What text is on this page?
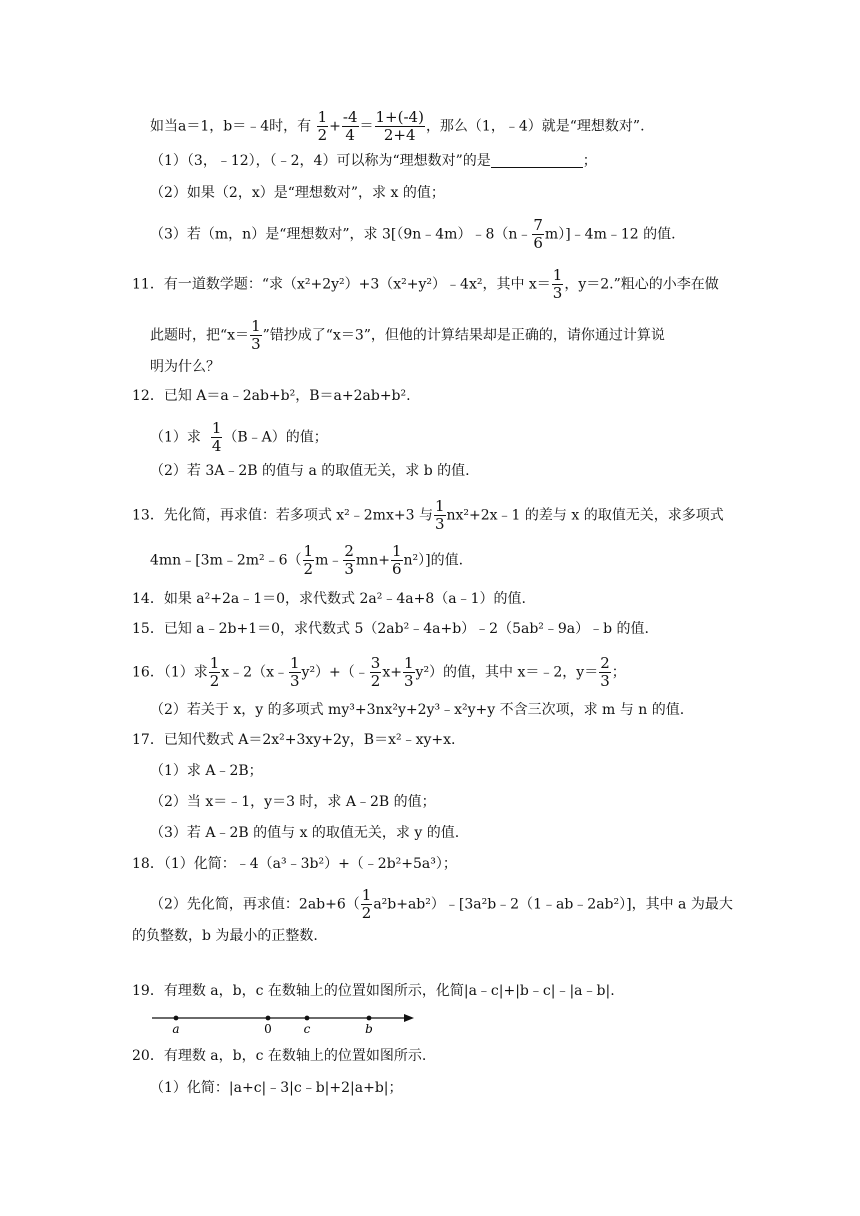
如当a＝1，b＝﹣4时，有 $\frac{1}{2} + \frac{-4}{4} = \frac{1+(-4)}{2+4}$ ，那么（1，﹣4）就是“理想数对”.
（1）（3，﹣12），（﹣2，4）可以称为“理想数对”的是	；
（2）如果（2，x）是“理想数对”，求 x 的值；
（3）若（m，n）是“理想数对”，求 3[（9n﹣4m）﹣8（n﹣ $\frac{7}{6}$ m）]﹣4m﹣12 的值.
11．有一道数学题：“求（x²+2y²）+3（x²+y²）﹣4x²，其中 $x= \frac{1}{3}$ ，y＝2.”粗心的小李在做
此题时，把“$x= \frac{1}{3}$ ”错抄成了“x＝3”，但他的计算结果却是正确的，请你通过计算说
明为什么？
12．已知 A＝a﹣2ab+b²，B＝a+2ab+b².
（1）求 $\frac{1}{4}$ （B﹣A）的值；
（2）若 3A﹣2B 的值与 a 的取值无关，求 b 的值.
13．先化简，再求值：若多项式 x²﹣2mx+3 与 $\frac{1}{3}$ nx²+2x﹣1 的差与 x 的取值无关，求多项式
4mn﹣[3m﹣2m²﹣6（ $\frac{1}{2}$ m﹣ $\frac{2}{3} mn+ \frac{1}{6} n^2$）]的值.
14．如果 a²+2a﹣1＝0，求代数式 2a²﹣4a+8（a﹣1）的值.
15．已知 a﹣2b+1＝0，求代数式 5（2ab²﹣4a+b）﹣2（5ab²﹣9a）﹣b 的值.
16．（1）求 $\frac{1}{2}$ x﹣2（x﹣ $\frac{1}{3}$ y²）+（﹣ $\frac{3}{2} x+ \frac{1}{3} y^2$）的值，其中 x＝﹣2，$y= \frac{2}{3}$ ；
（2）若关于 x，y 的多项式 my³+3nx²y+2y³﹣x²y+y 不含三次项，求 m 与 n 的值.
17．已知代数式 A＝2x²+3xy+2y，B＝x²﹣xy+x.
（1）求 A﹣2B；
（2）当 x＝﹣1，y＝3 时，求 A﹣2B 的值；
（3）若 A﹣2B 的值与 x 的取值无关，求 y 的值.
18．（1）化简：﹣4（a³﹣3b²）+（﹣2b²+5a³）；
（2）先化简，再求值：$2ab+6( \frac{1}{2}$ a²b+ab²）﹣[3a²b﹣2（1﹣ab﹣2ab²）]，其中 a 为最大
的负整数，b 为最小的正整数.
19．有理数 a，b，c 在数轴上的位置如图所示，化简|a﹣c|+|b﹣c|﹣|a﹣b|.
a	0	c	b
20．有理数 a，b，c 在数轴上的位置如图所示.
（1）化简：|a+c|﹣3|c﹣b|+2|a+b|；
